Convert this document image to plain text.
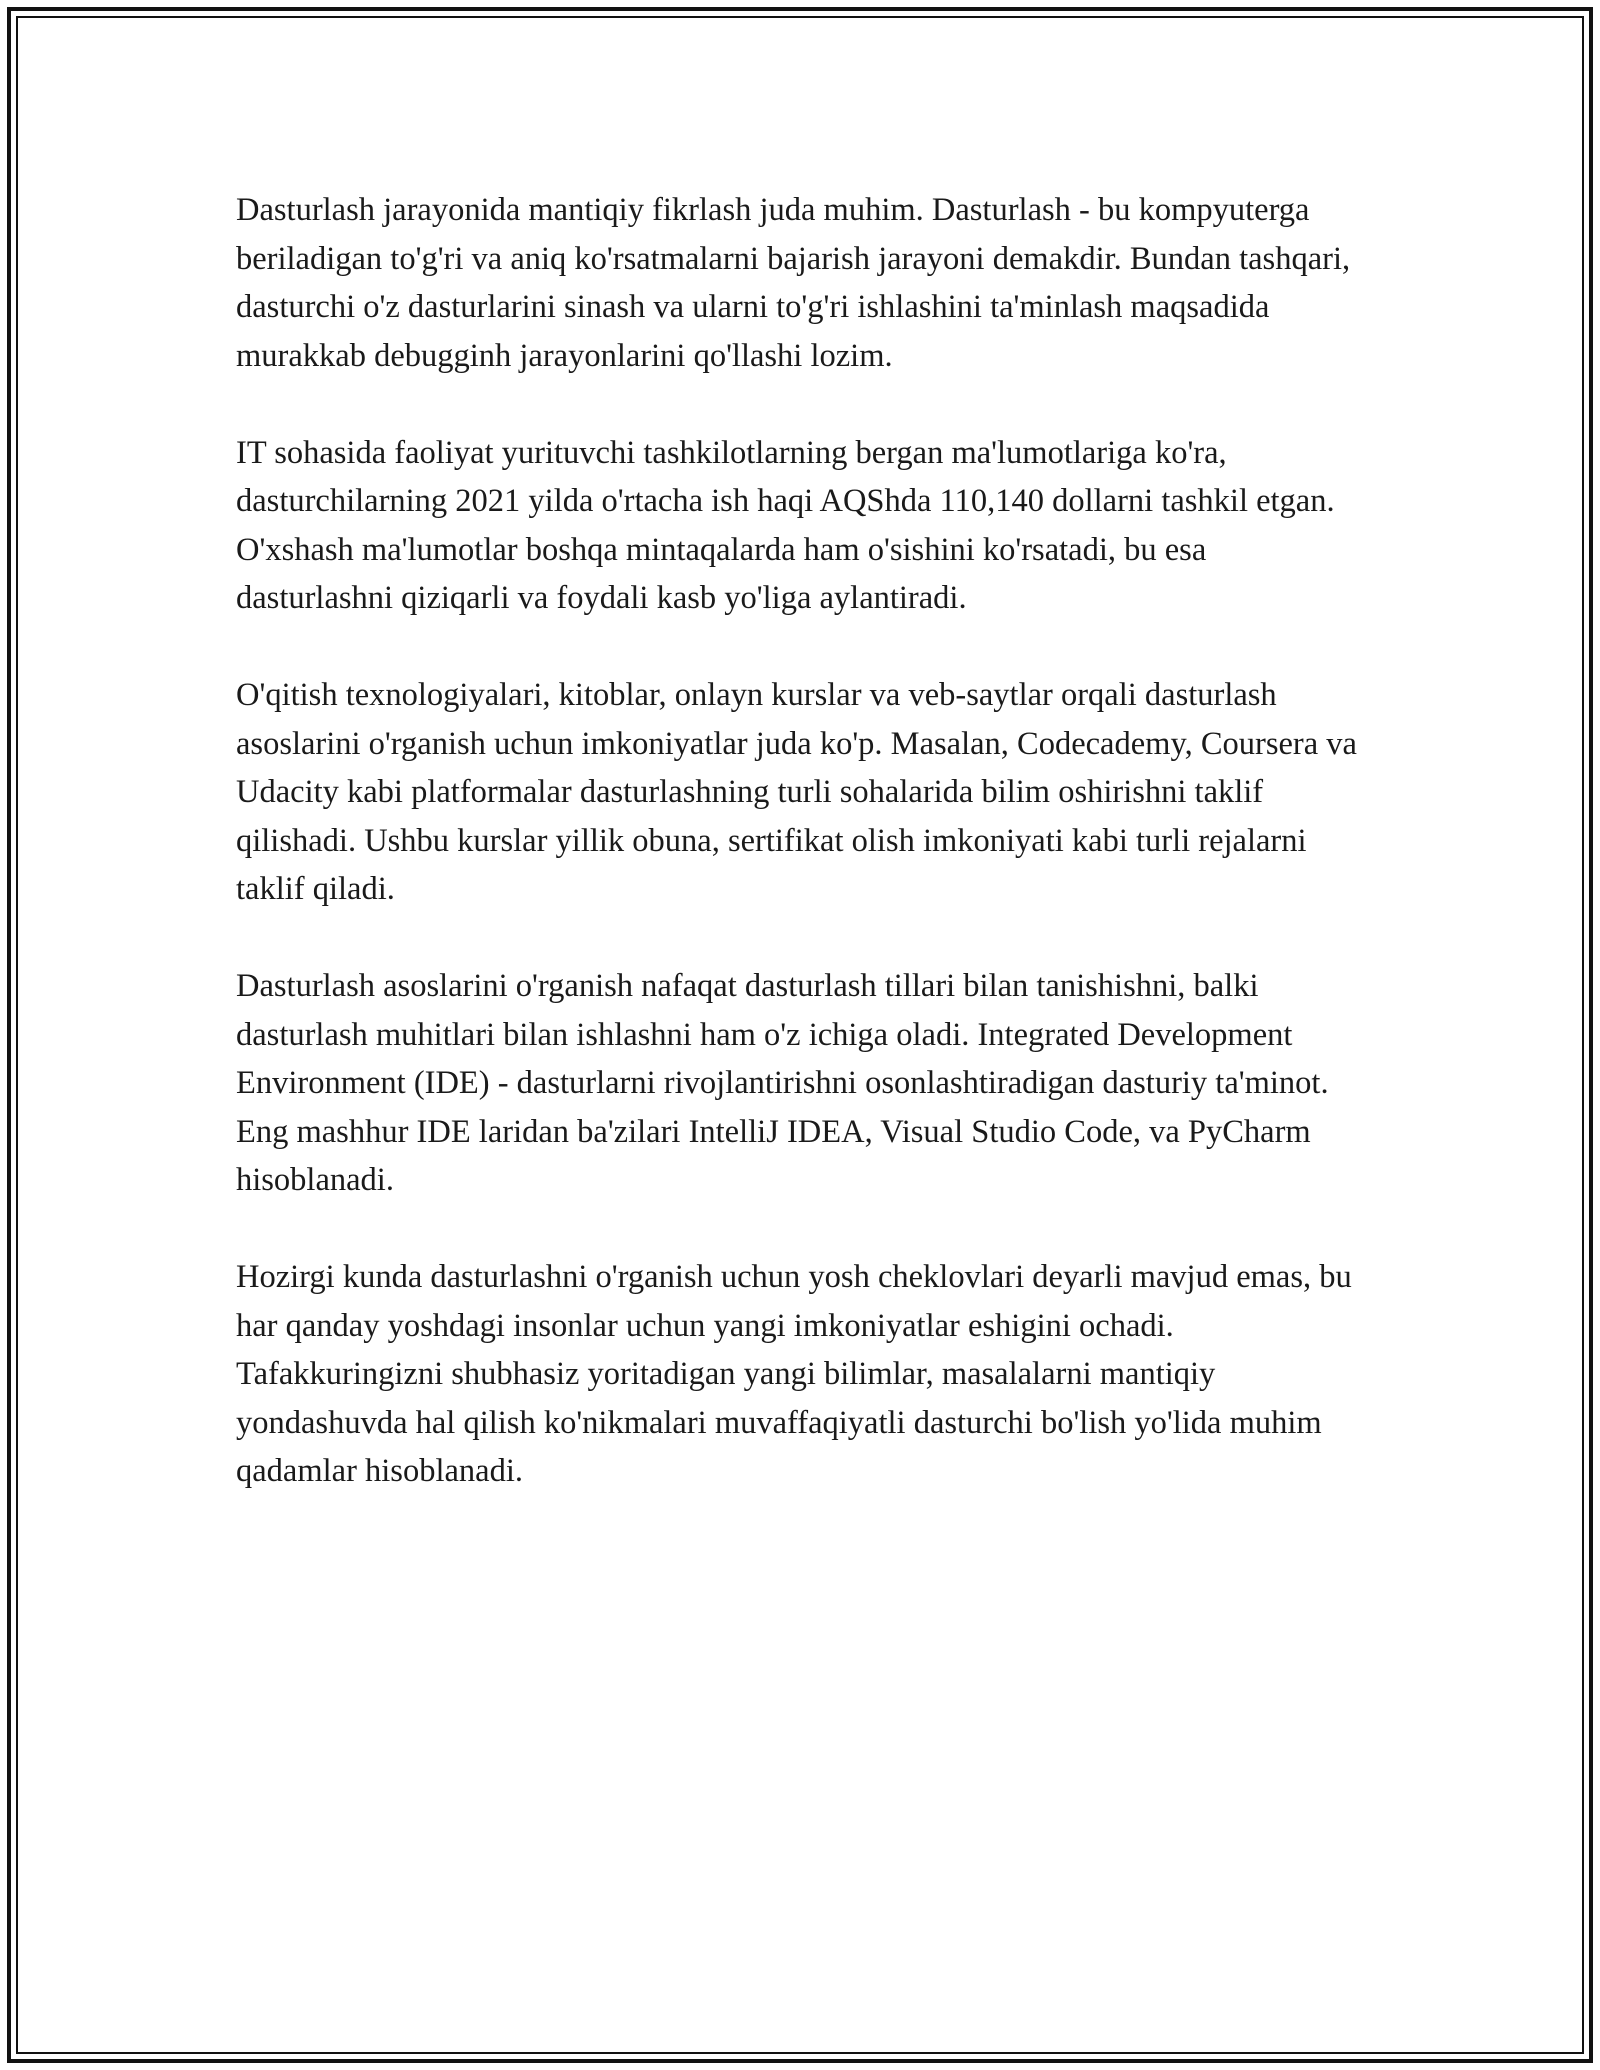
Dasturlash jarayonida mantiqiy fikrlash juda muhim. Dasturlash - bu kompyuterga beriladigan to'g'ri va aniq ko'rsatmalarni bajarish jarayoni demakdir. Bundan tashqari, dasturchi o'z dasturlarini sinash va ularni to'g'ri ishlashini ta'minlash maqsadida murakkab debugginh jarayonlarini qo'llashi lozim.

IT sohasida faoliyat yurituvchi tashkilotlarning bergan ma'lumotlariga ko'ra, dasturchilarning 2021 yilda o'rtacha ish haqi AQShda 110,140 dollarni tashkil etgan. O'xshash ma'lumotlar boshqa mintaqalarda ham o'sishini ko'rsatadi, bu esa dasturlashni qiziqarli va foydali kasb yo'liga aylantiradi.

O'qitish texnologiyalari, kitoblar, onlayn kurslar va veb-saytlar orqali dasturlash asoslarini o'rganish uchun imkoniyatlar juda ko'p. Masalan, Codecademy, Coursera va Udacity kabi platformalar dasturlashning turli sohalarida bilim oshirishni taklif qilishadi. Ushbu kurslar yillik obuna, sertifikat olish imkoniyati kabi turli rejalarni taklif qiladi.

Dasturlash asoslarini o'rganish nafaqat dasturlash tillari bilan tanishishni, balki dasturlash muhitlari bilan ishlashni ham o'z ichiga oladi. Integrated Development Environment (IDE) - dasturlarni rivojlantirishni osonlashtiradigan dasturiy ta'minot. Eng mashhur IDE laridan ba'zilari IntelliJ IDEA, Visual Studio Code, va PyCharm hisoblanadi.

Hozirgi kunda dasturlashni o'rganish uchun yosh cheklovlari deyarli mavjud emas, bu har qanday yoshdagi insonlar uchun yangi imkoniyatlar eshigini ochadi. Tafakkuringizni shubhasiz yoritadigan yangi bilimlar, masalalarni mantiqiy yondashuvda hal qilish ko'nikmalari muvaffaqiyatli dasturchi bo'lish yo'lida muhim qadamlar hisoblanadi.
